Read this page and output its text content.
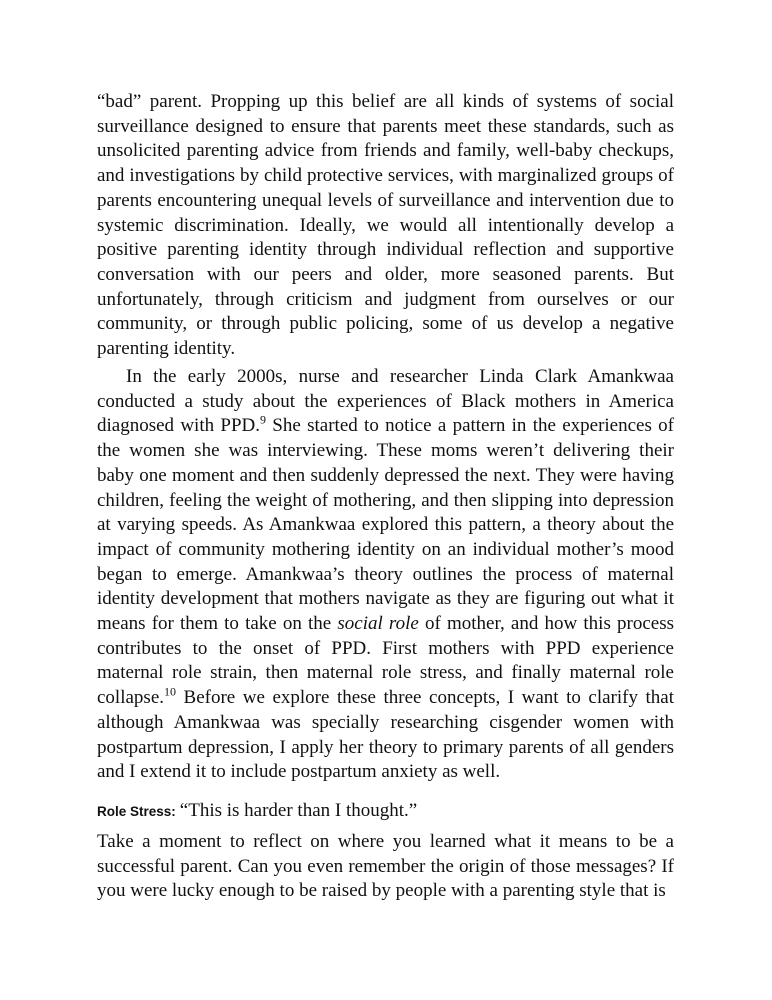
“bad” parent. Propping up this belief are all kinds of systems of social surveillance designed to ensure that parents meet these standards, such as unsolicited parenting advice from friends and family, well-baby checkups, and investigations by child protective services, with marginalized groups of parents encountering unequal levels of surveillance and intervention due to systemic discrimination. Ideally, we would all intentionally develop a positive parenting identity through individual reflection and supportive conversation with our peers and older, more seasoned parents. But unfortunately, through criticism and judgment from ourselves or our community, or through public policing, some of us develop a negative parenting identity.

In the early 2000s, nurse and researcher Linda Clark Amankwaa conducted a study about the experiences of Black mothers in America diagnosed with PPD.$^9$ She started to notice a pattern in the experiences of the women she was interviewing. These moms weren’t delivering their baby one moment and then suddenly depressed the next. They were having children, feeling the weight of mothering, and then slipping into depression at varying speeds. As Amankwaa explored this pattern, a theory about the impact of community mothering identity on an individual mother’s mood began to emerge. Amankwaa’s theory outlines the process of maternal identity development that mothers navigate as they are figuring out what it means for them to take on the social role of mother, and how this process contributes to the onset of PPD. First mothers with PPD experience maternal role strain, then maternal role stress, and finally maternal role collapse.$^{10}$ Before we explore these three concepts, I want to clarify that although Amankwaa was specially researching cisgender women with postpartum depression, I apply her theory to primary parents of all genders and I extend it to include postpartum anxiety as well.

Role Stress: “This is harder than I thought.”

Take a moment to reflect on where you learned what it means to be a successful parent. Can you even remember the origin of those messages? If you were lucky enough to be raised by people with a parenting style that is
